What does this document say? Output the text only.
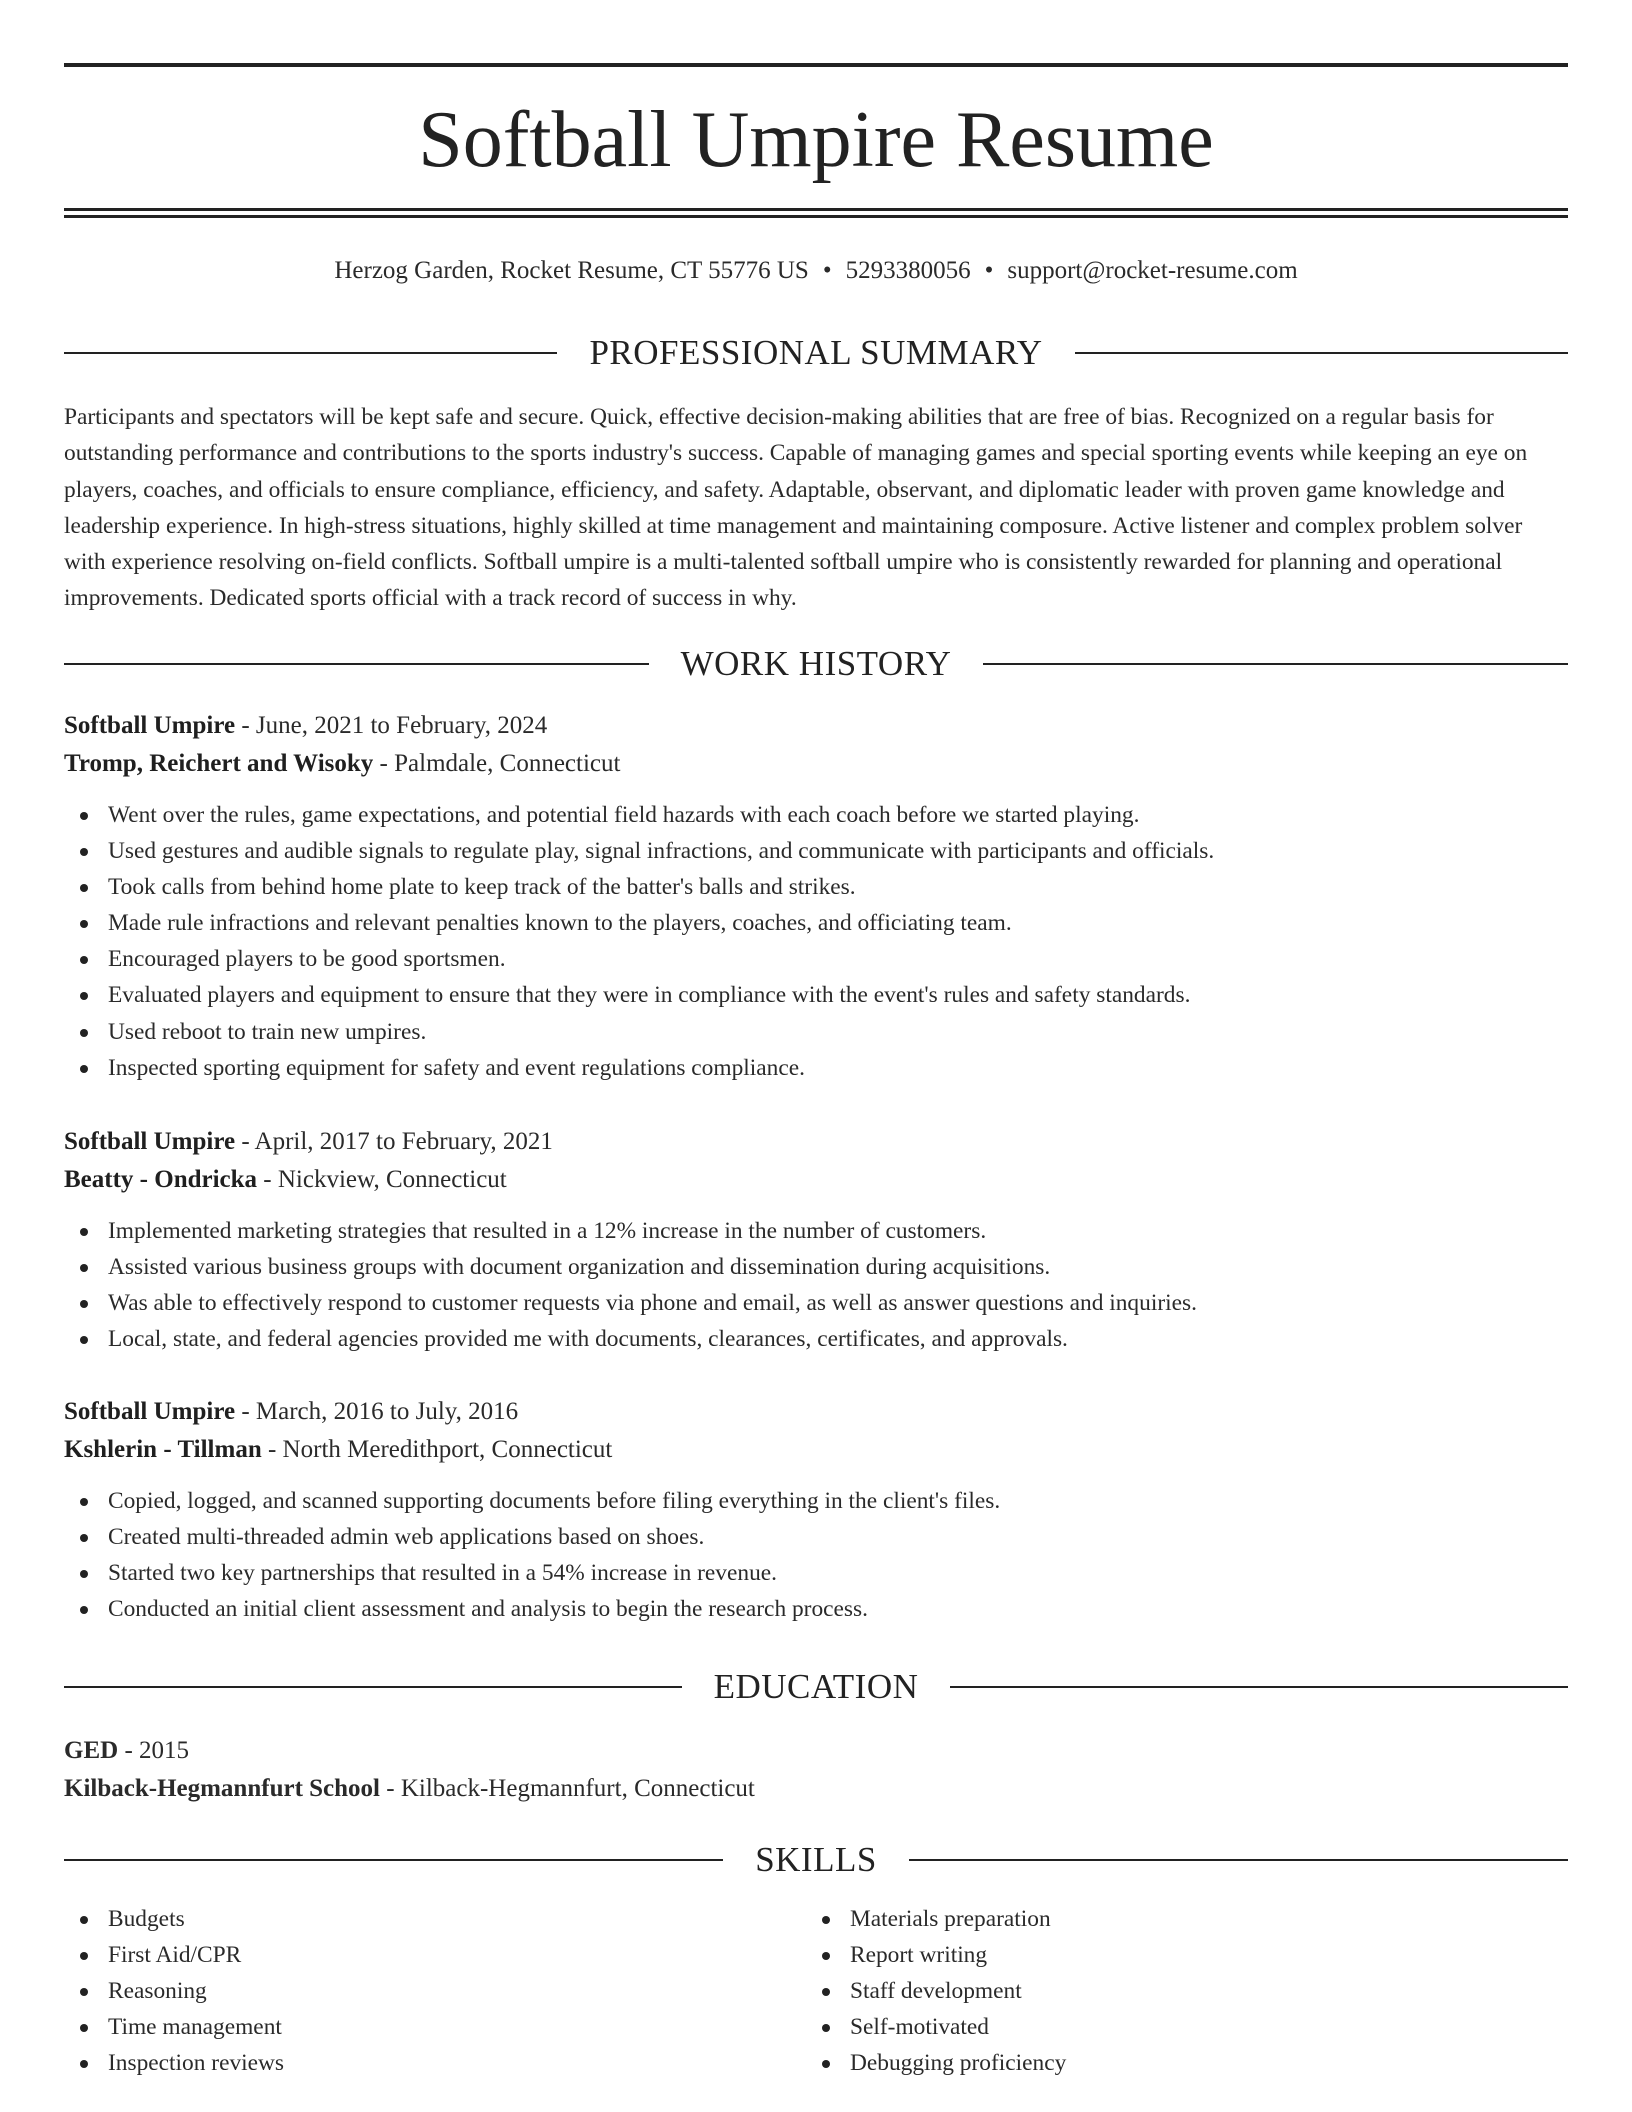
Softball Umpire Resume
Herzog Garden, Rocket Resume, CT 55776 US • 5293380056 • support@rocket-resume.com
PROFESSIONAL SUMMARY

Participants and spectators will be kept safe and secure. Quick, effective decision-making abilities that are free of bias. Recognized on a regular basis for outstanding performance and contributions to the sports industry's success. Capable of managing games and special sporting events while keeping an eye on players, coaches, and officials to ensure compliance, efficiency, and safety. Adaptable, observant, and diplomatic leader with proven game knowledge and leadership experience. In high-stress situations, highly skilled at time management and maintaining composure. Active listener and complex problem solver with experience resolving on-field conflicts. Softball umpire is a multi-talented softball umpire who is consistently rewarded for planning and operational improvements. Dedicated sports official with a track record of success in why.

WORK HISTORY
Softball Umpire - June, 2021 to February, 2024
Tromp, Reichert and Wisoky - Palmdale, Connecticut
Went over the rules, game expectations, and potential field hazards with each coach before we started playing.
Used gestures and audible signals to regulate play, signal infractions, and communicate with participants and officials.
Took calls from behind home plate to keep track of the batter's balls and strikes.
Made rule infractions and relevant penalties known to the players, coaches, and officiating team.
Encouraged players to be good sportsmen.
Evaluated players and equipment to ensure that they were in compliance with the event's rules and safety standards.
Used reboot to train new umpires.
Inspected sporting equipment for safety and event regulations compliance.
Softball Umpire - April, 2017 to February, 2021
Beatty - Ondricka - Nickview, Connecticut
Implemented marketing strategies that resulted in a 12% increase in the number of customers.
Assisted various business groups with document organization and dissemination during acquisitions.
Was able to effectively respond to customer requests via phone and email, as well as answer questions and inquiries.
Local, state, and federal agencies provided me with documents, clearances, certificates, and approvals.
Softball Umpire - March, 2016 to July, 2016
Kshlerin - Tillman - North Meredithport, Connecticut
Copied, logged, and scanned supporting documents before filing everything in the client's files.
Created multi-threaded admin web applications based on shoes.
Started two key partnerships that resulted in a 54% increase in revenue.
Conducted an initial client assessment and analysis to begin the research process.
EDUCATION
GED - 2015
Kilback-Hegmannfurt School - Kilback-Hegmannfurt, Connecticut
SKILLS
Budgets
First Aid/CPR
Reasoning
Time management
Inspection reviews
Materials preparation
Report writing
Staff development
Self-motivated
Debugging proficiency
